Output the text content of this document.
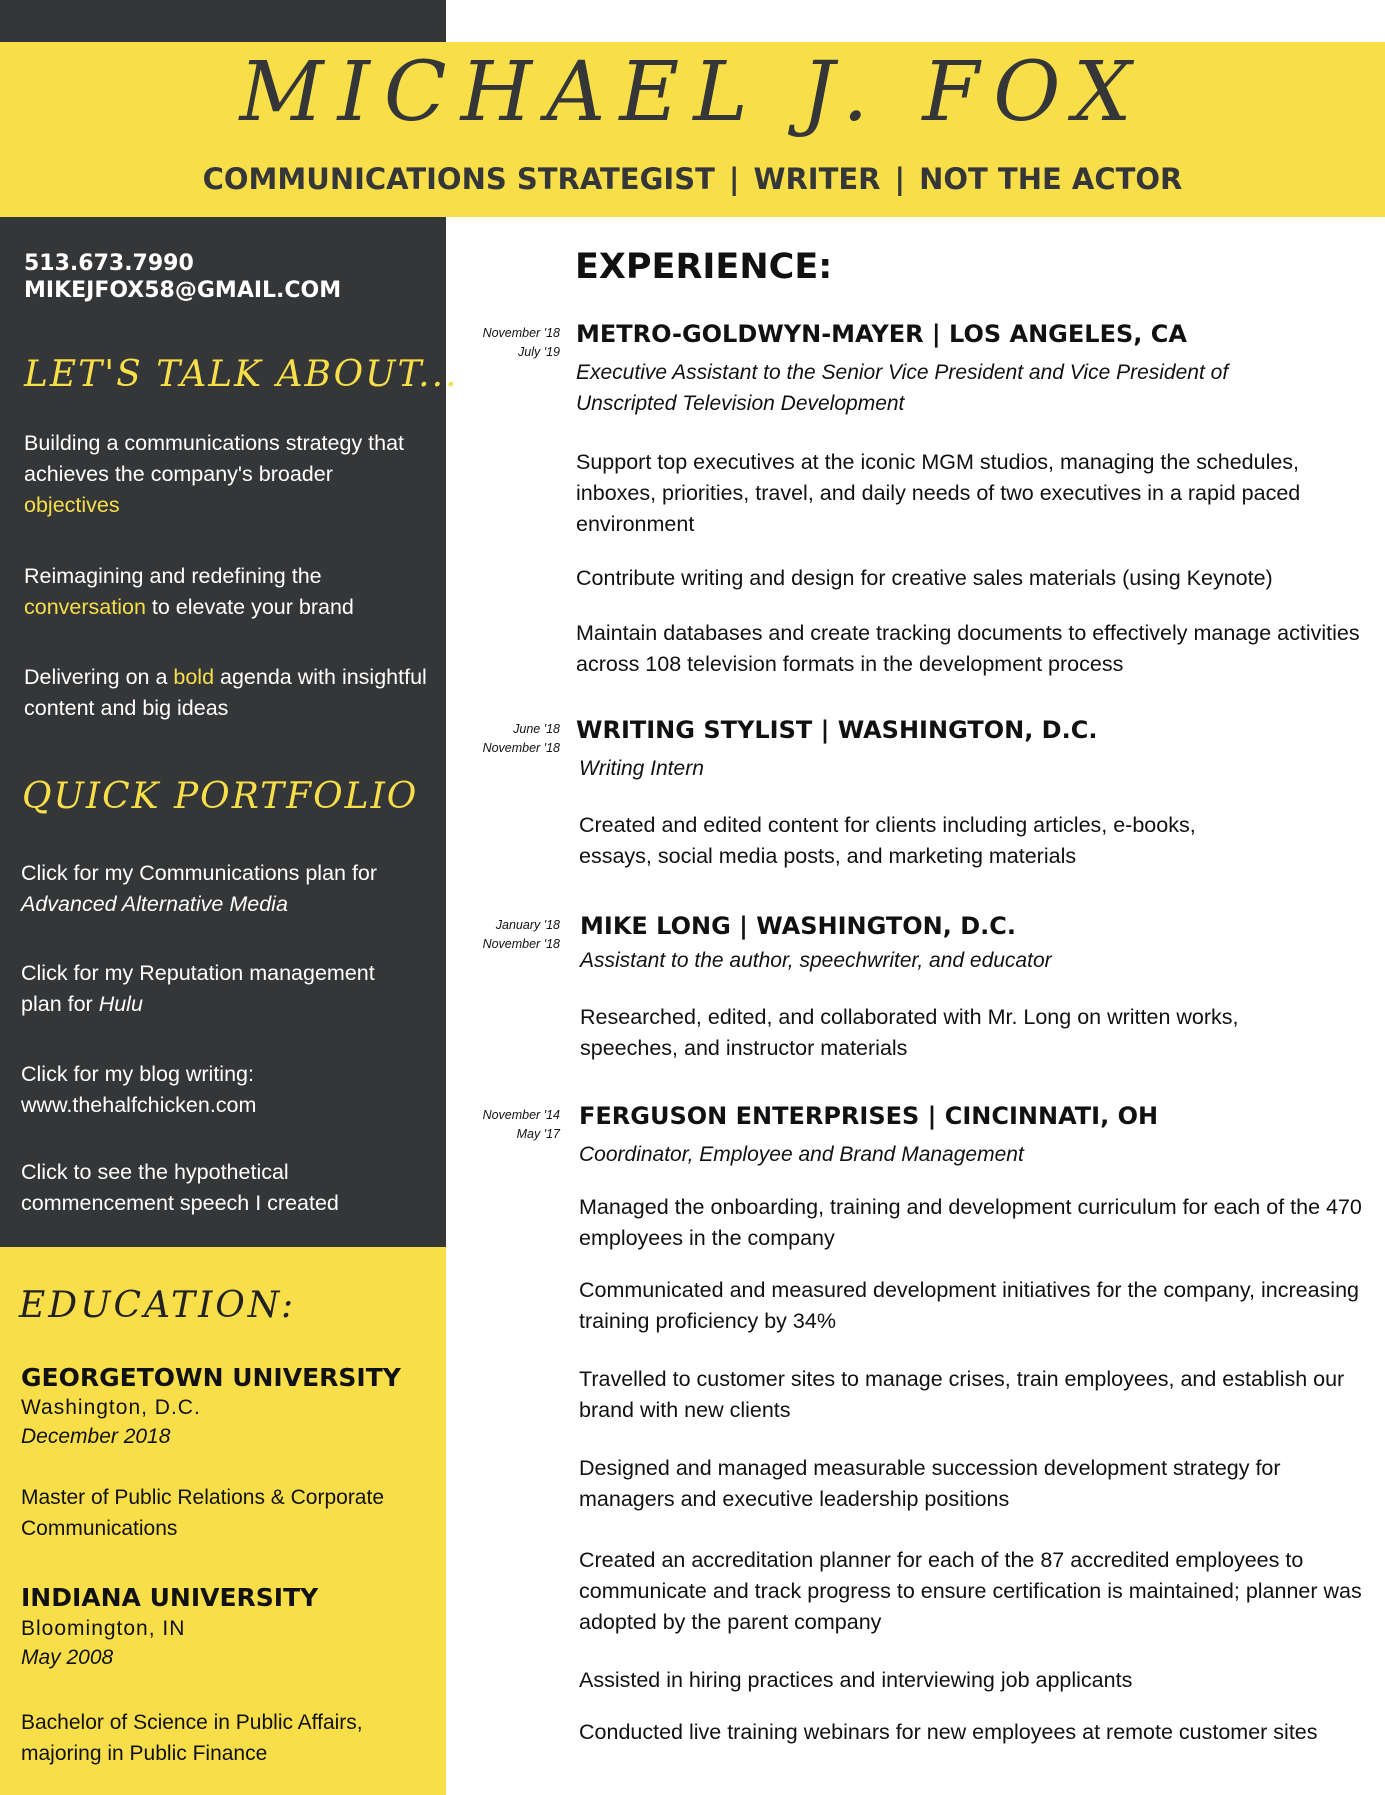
MICHAEL J. FOX
COMMUNICATIONS STRATEGIST | WRITER | NOT THE ACTOR
513.673.7990
MIKEJFOX58@GMAIL.COM
LET'S TALK ABOUT...
Building a communications strategy that achieves the company's broader objectives
Reimagining and redefining the conversation to elevate your brand
Delivering on a bold agenda with insightful content and big ideas
QUICK PORTFOLIO
Click for my Communications plan for
Advanced Alternative Media
Click for my Reputation management plan for Hulu
Click for my blog writing: www.thehalfchicken.com
Click to see the hypothetical commencement speech I created
EDUCATION:
GEORGETOWN UNIVERSITY
Washington, D.C.
December 2018
Master of Public Relations & Corporate Communications
INDIANA UNIVERSITY
Bloomington, IN
May 2008
Bachelor of Science in Public Affairs, majoring in Public Finance
EXPERIENCE:
November '18
July '19
METRO-GOLDWYN-MAYER | LOS ANGELES, CA
Executive Assistant to the Senior Vice President and Vice President of Unscripted Television Development
Support top executives at the iconic MGM studios, managing the schedules, inboxes, priorities, travel, and daily needs of two executives in a rapid paced environment
Contribute writing and design for creative sales materials (using Keynote)
Maintain databases and create tracking documents to effectively manage activities across 108 television formats in the development process
June '18
November '18
WRITING STYLIST | WASHINGTON, D.C.
Writing Intern
Created and edited content for clients including articles, e-books, essays, social media posts, and marketing materials
January '18
November '18
MIKE LONG | WASHINGTON, D.C.
Assistant to the author, speechwriter, and educator
Researched, edited, and collaborated with Mr. Long on written works, speeches, and instructor materials
November '14
May '17
FERGUSON ENTERPRISES | CINCINNATI, OH
Coordinator, Employee and Brand Management
Managed the onboarding, training and development curriculum for each of the 470 employees in the company
Communicated and measured development initiatives for the company, increasing training proficiency by 34%
Travelled to customer sites to manage crises, train employees, and establish our brand with new clients
Designed and managed measurable succession development strategy for managers and executive leadership positions
Created an accreditation planner for each of the 87 accredited employees to communicate and track progress to ensure certification is maintained; planner was adopted by the parent company
Assisted in hiring practices and interviewing job applicants
Conducted live training webinars for new employees at remote customer sites
